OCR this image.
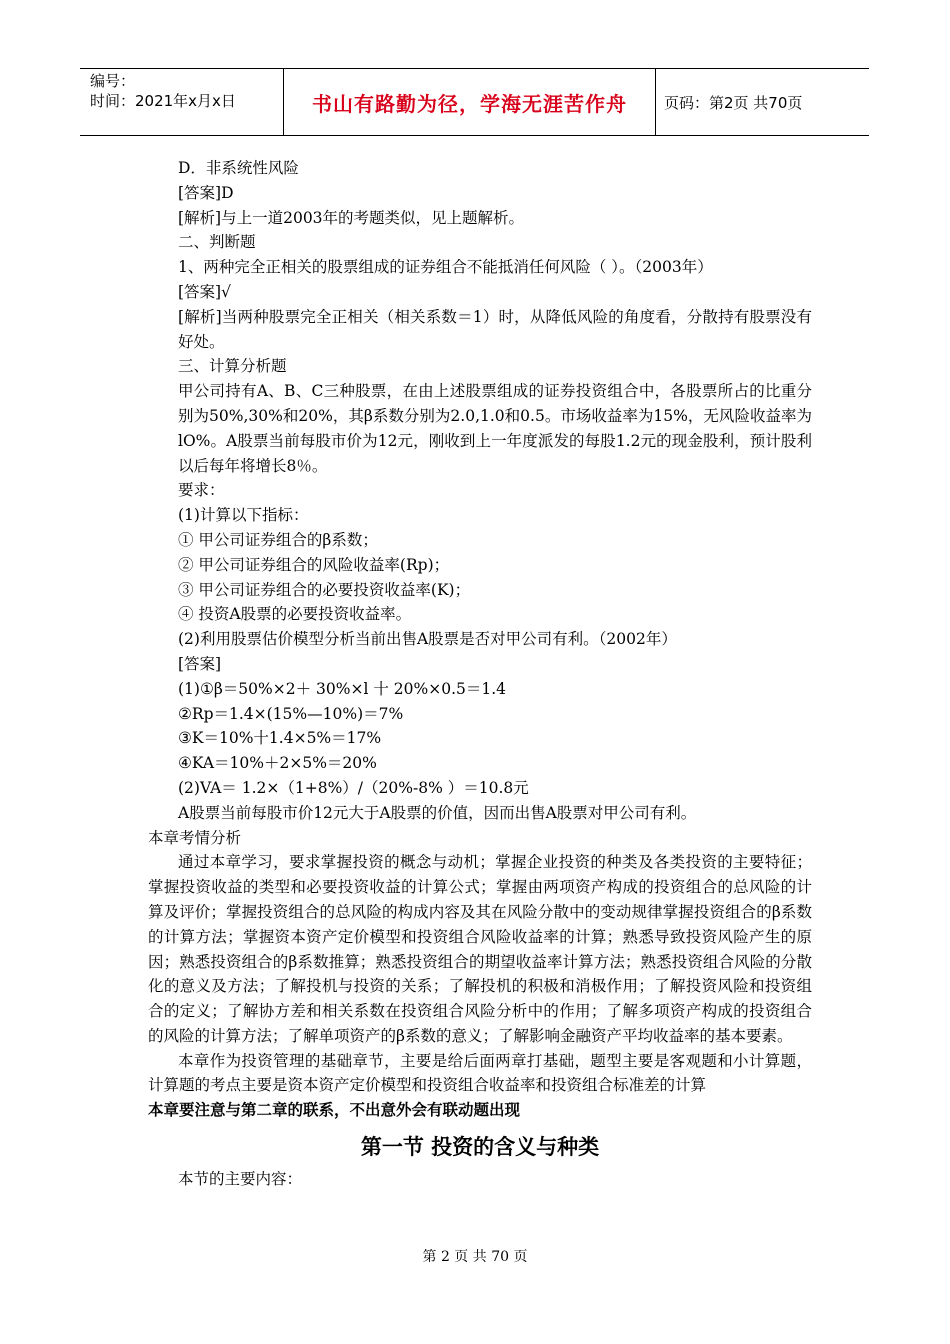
编号：
时间：2021年x月x日	书山有路勤为径，学海无涯苦作舟	页码：第2页 共70页
D．非系统性风险
[答案]D
[解析]与上一道2003年的考题类似，见上题解析。
二、判断题
1、两种完全正相关的股票组成的证券组合不能抵消任何风险（ ）。（2003年）
[答案]√
[解析]当两种股票完全正相关（相关系数＝1）时，从降低风险的角度看，分散持有股票没有好处。
三、计算分析题
甲公司持有A、B、C三种股票，在由上述股票组成的证券投资组合中，各股票所占的比重分别为50%,30%和20%，其β系数分别为2.0,1.0和0.5。市场收益率为15%，无风险收益率为lO%。A股票当前每股市价为12元，刚收到上一年度派发的每股1.2元的现金股利，预计股利以后每年将增长8％。
要求：
(1)计算以下指标：
① 甲公司证券组合的β系数；
② 甲公司证券组合的风险收益率(Rp)；
③ 甲公司证券组合的必要投资收益率(K)；
④ 投资A股票的必要投资收益率。
(2)利用股票估价模型分析当前出售A股票是否对甲公司有利。（2002年）
[答案]
(1)①β＝50%×2＋ 30%×l 十 20%×0.5＝1.4
②Rp＝1.4×(15%—10%)＝7%
③K＝10%十1.4×5%＝17%
④KA＝10%＋2×5%＝20%
(2)VA＝ 1.2×（1+8%）/（20%-8% ）＝10.8元
A股票当前每股市价12元大于A股票的价值，因而出售A股票对甲公司有利。
本章考情分析
通过本章学习，要求掌握投资的概念与动机；掌握企业投资的种类及各类投资的主要特征；掌握投资收益的类型和必要投资收益的计算公式；掌握由两项资产构成的投资组合的总风险的计算及评价；掌握投资组合的总风险的构成内容及其在风险分散中的变动规律掌握投资组合的β系数的计算方法；掌握资本资产定价模型和投资组合风险收益率的计算；熟悉导致投资风险产生的原因；熟悉投资组合的β系数推算；熟悉投资组合的期望收益率计算方法；熟悉投资组合风险的分散化的意义及方法；了解投机与投资的关系；了解投机的积极和消极作用；了解投资风险和投资组合的定义；了解协方差和相关系数在投资组合风险分析中的作用；了解多项资产构成的投资组合的风险的计算方法；了解单项资产的β系数的意义；了解影响金融资产平均收益率的基本要素。
本章作为投资管理的基础章节，主要是给后面两章打基础，题型主要是客观题和小计算题，计算题的考点主要是资本资产定价模型和投资组合收益率和投资组合标准差的计算
本章要注意与第二章的联系，不出意外会有联动题出现
第一节 投资的含义与种类
本节的主要内容：
第 2 页 共 70 页
